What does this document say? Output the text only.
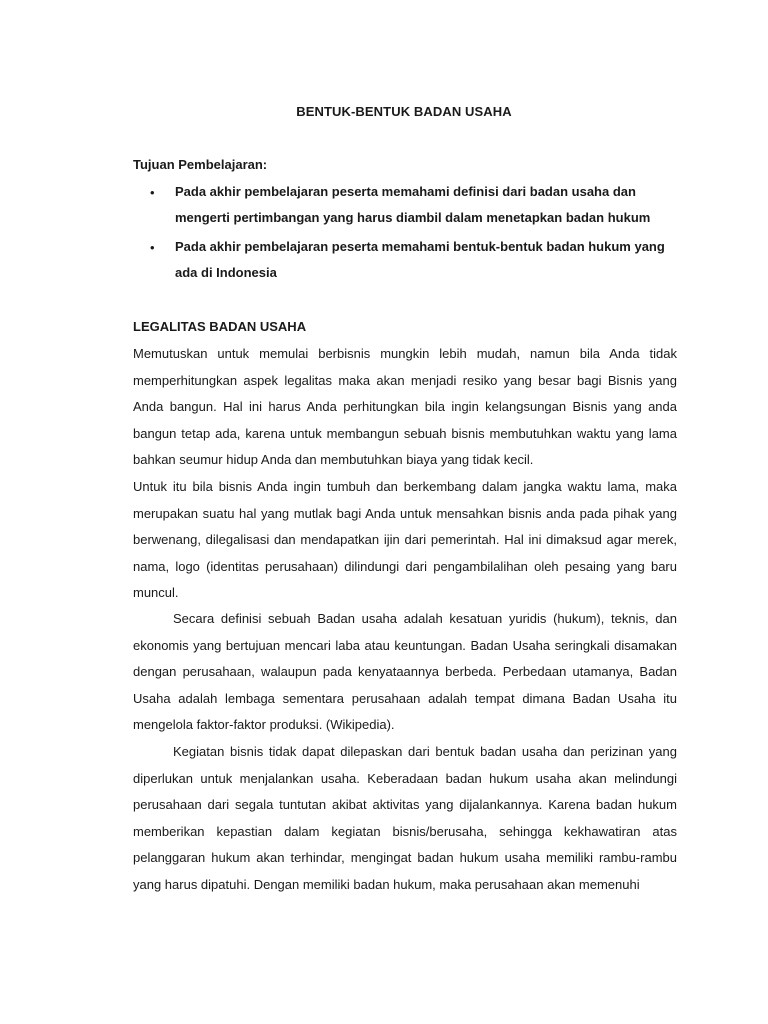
BENTUK-BENTUK BADAN USAHA
Tujuan Pembelajaran:
•	Pada akhir pembelajaran peserta memahami definisi dari badan usaha dan mengerti pertimbangan yang harus diambil dalam menetapkan badan hukum
•	Pada akhir pembelajaran peserta memahami bentuk-bentuk badan hukum yang ada di Indonesia
LEGALITAS BADAN USAHA
Memutuskan untuk memulai berbisnis mungkin lebih mudah, namun bila Anda tidak memperhitungkan aspek legalitas maka akan menjadi resiko yang besar bagi Bisnis yang Anda bangun. Hal ini harus Anda perhitungkan bila ingin kelangsungan Bisnis yang anda bangun tetap ada, karena untuk membangun sebuah bisnis membutuhkan waktu yang lama bahkan seumur hidup Anda dan membutuhkan biaya yang tidak kecil.
Untuk itu bila bisnis Anda ingin tumbuh dan berkembang dalam jangka waktu lama, maka merupakan suatu hal yang mutlak bagi Anda untuk mensahkan bisnis anda pada pihak yang berwenang, dilegalisasi dan mendapatkan ijin dari pemerintah. Hal ini dimaksud agar merek, nama, logo (identitas perusahaan) dilindungi dari pengambilalihan oleh pesaing yang baru muncul.
Secara definisi sebuah Badan usaha adalah kesatuan yuridis (hukum), teknis, dan ekonomis yang bertujuan mencari laba atau keuntungan. Badan Usaha seringkali disamakan dengan perusahaan, walaupun pada kenyataannya berbeda. Perbedaan utamanya, Badan Usaha adalah lembaga sementara perusahaan adalah tempat dimana Badan Usaha itu mengelola faktor-faktor produksi. (Wikipedia).
Kegiatan bisnis tidak dapat dilepaskan dari bentuk badan usaha dan perizinan yang diperlukan untuk menjalankan usaha. Keberadaan badan hukum usaha akan melindungi perusahaan dari segala tuntutan akibat aktivitas yang dijalankannya. Karena badan hukum memberikan kepastian dalam kegiatan bisnis/berusaha, sehingga kekhawatiran atas pelanggaran hukum akan terhindar, mengingat badan hukum usaha memiliki rambu-rambu yang harus dipatuhi. Dengan memiliki badan hukum, maka perusahaan akan memenuhi
